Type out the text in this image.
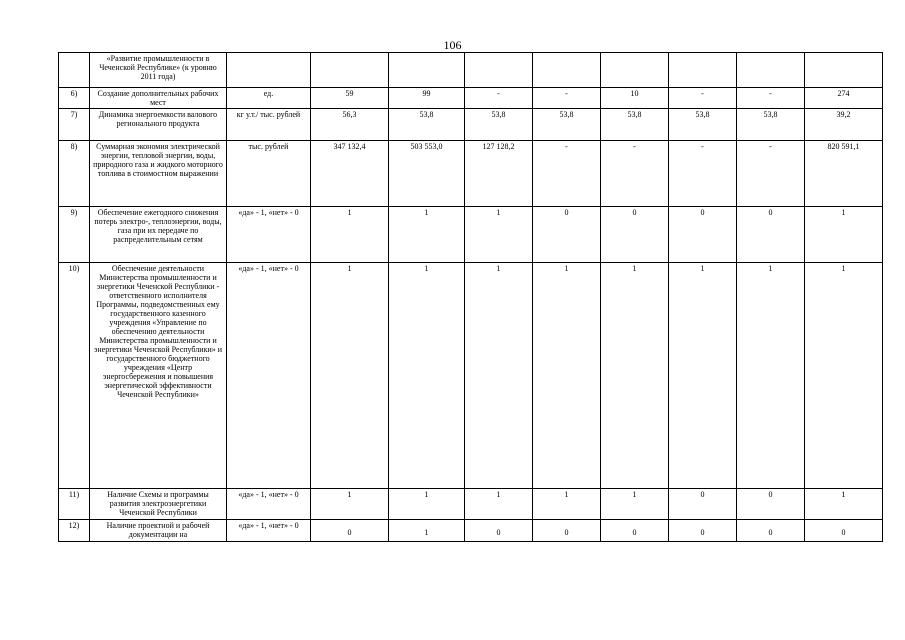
106
	«Развитие промышленности в Чеченской Республике» (к уровню 2011 года)									
6)	Создание дополнительных рабочих мест	ед.	59	99	-	-	10	-	-	274
7)	Динамика энергоемкости валового регионального продукта	кг у.т./ тыс. рублей	56,3	53,8	53,8	53,8	53,8	53,8	53,8	39,2
8)	Суммарная экономия электрической энергии, тепловой энергии, воды, природного газа и жидкого моторного топлива в стоимостном выражении	тыс. рублей	347 132,4	503 553,0	127 128,2	-	-	-	-	820 591,1
9)	Обеспечение ежегодного снижения потерь электро-, теплоэнергии, воды, газа при их передаче по распределительным сетям	«да» - 1, «нет» - 0	1	1	1	0	0	0	0	1
10)	Обеспечение деятельности Министерства промышленности и энергетики Чеченской Республики - ответственного исполнителя Программы, подведомственных ему государственного казенного учреждения «Управление по обеспечению деятельности Министерства промышленности и энергетики Чеченской Республики» и государственного бюджетного учреждения «Центр энергосбережения и повышения энергетической эффективности Чеченской Республики»	«да» - 1, «нет» - 0	1	1	1	1	1	1	1	1
11)	Наличие Схемы и программы развития электроэнергетики Чеченской Республики	«да» - 1, «нет» - 0	1	1	1	1	1	0	0	1
12)	Наличие проектной и рабочей документации на	«да» - 1, «нет» - 0	0	1	0	0	0	0	0	0
